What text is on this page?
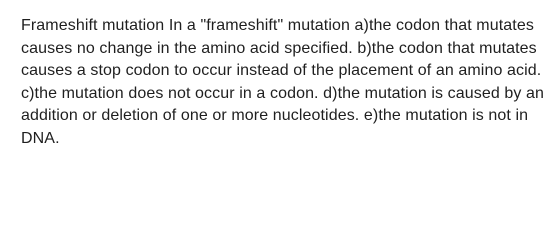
Frameshift mutation In a "frameshift" mutation a)the codon that mutates causes no change in the amino acid specified. b)the codon that mutates causes a stop codon to occur instead of the placement of an amino acid. c)the mutation does not occur in a codon. d)the mutation is caused by an addition or deletion of one or more nucleotides. e)the mutation is not in DNA.
